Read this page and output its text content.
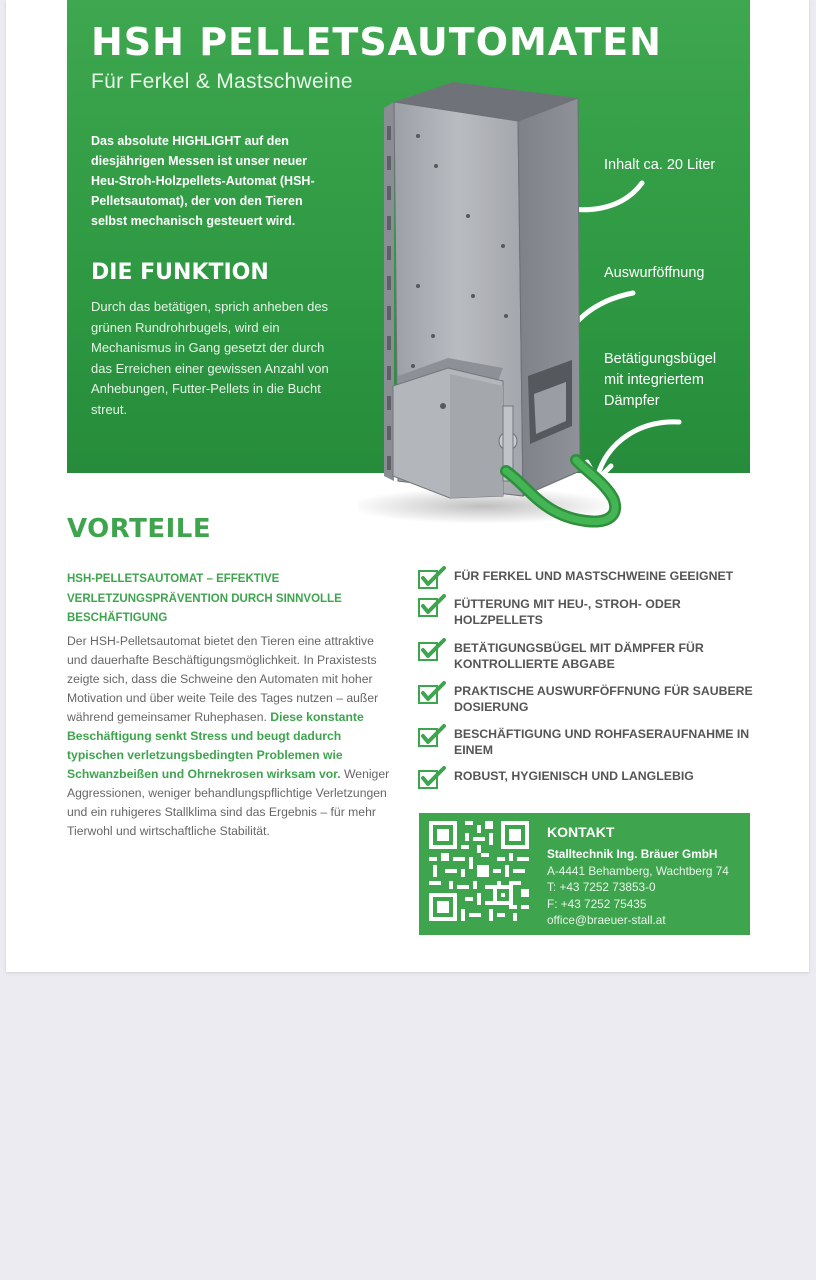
HSH PELLETSAUTOMATEN
Für Ferkel & Mastschweine
Das absolute HIGHLIGHT auf den diesjährigen Messen ist unser neuer Heu-Stroh-Holzpellets-Automat (HSH-Pelletsautomat), der von den Tieren selbst mechanisch gesteuert wird.
DIE FUNKTION
Durch das betätigen, sprich anheben des grünen Rundrohrbugels, wird ein Mechanismus in Gang gesetzt der durch das Erreichen einer gewissen Anzahl von Anhebungen, Futter-Pellets in die Bucht streut.
Inhalt ca. 20 Liter
Auswurföffnung
Betätigungsbügel
mit integriertem
Dämpfer
VORTEILE
HSH-PELLETSAUTOMAT – EFFEKTIVE VERLETZUNGSPRÄVENTION DURCH SINNVOLLE BESCHÄFTIGUNG
Der HSH-Pelletsautomat bietet den Tieren eine attraktive und dauerhafte Beschäftigungsmöglichkeit. In Praxistests zeigte sich, dass die Schweine den Automaten mit hoher Motivation und über weite Teile des Tages nutzen – außer während gemeinsamer Ruhephasen. Diese konstante Beschäftigung senkt Stress und beugt dadurch typischen verletzungsbedingten Problemen wie Schwanzbeißen und Ohrnekrosen wirksam vor. Weniger Aggressionen, weniger behandlungspflichtige Verletzungen und ein ruhigeres Stallklima sind das Ergebnis – für mehr Tierwohl und wirtschaftliche Stabilität.
FÜR FERKEL UND MASTSCHWEINE GEEIGNET
FÜTTERUNG MIT HEU-, STROH- ODER HOLZPELLETS
BETÄTIGUNGSBÜGEL MIT DÄMPFER FÜR KONTROLLIERTE ABGABE
PRAKTISCHE AUSWURFÖFFNUNG FÜR SAUBERE DOSIERUNG
BESCHÄFTIGUNG UND ROHFASERAUFNAHME IN EINEM
ROBUST, HYGIENISCH UND LANGLEBIG
KONTAKT
Stalltechnik Ing. Bräuer GmbH
A-4441 Behamberg, Wachtberg 74
T: +43 7252 73853-0
F: +43 7252 75435
office@braeuer-stall.at
